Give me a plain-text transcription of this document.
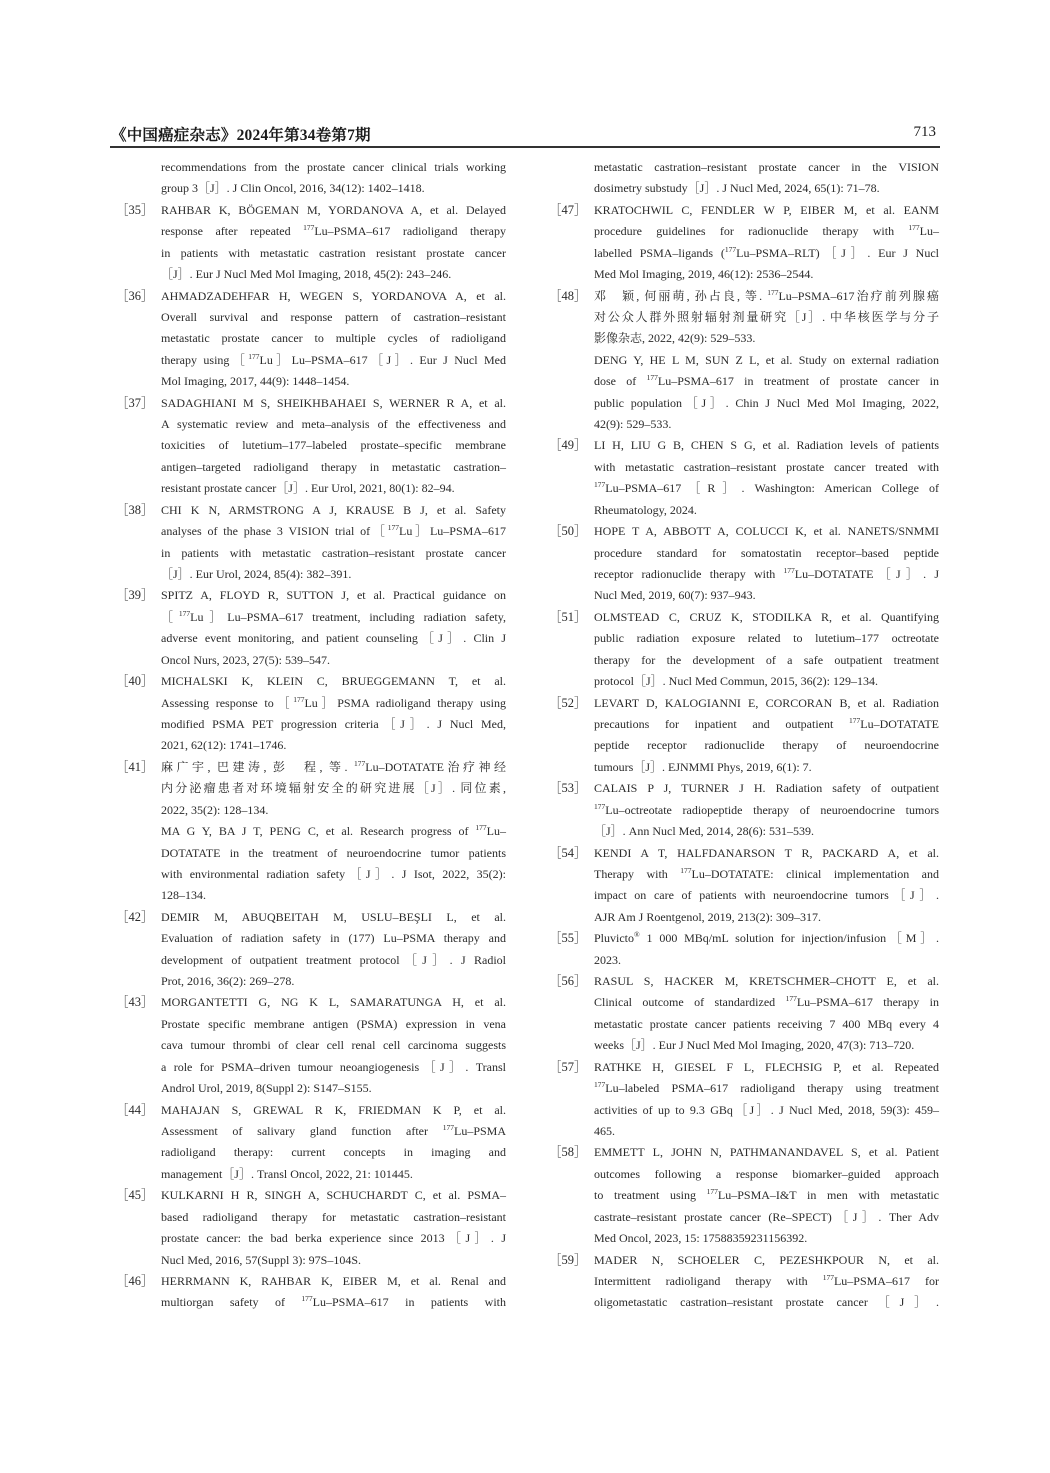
《中国癌症杂志》2024年第34卷第7期	713
recommendations from the prostate cancer clinical trials working
group 3［J］. J Clin Oncol, 2016, 34(12): 1402–1418.
［35］ RAHBAR K, BÖGEMAN M, YORDANOVA A, et al. Delayed
response after repeated $^{177}$Lu–PSMA–617 radioligand therapy
in patients with metastatic castration resistant prostate cancer
［J］. Eur J Nucl Med Mol Imaging, 2018, 45(2): 243–246.
［36］ AHMADZADEHFAR H, WEGEN S, YORDANOVA A, et al.
Overall survival and response pattern of castration–resistant
metastatic prostate cancer to multiple cycles of radioligand
therapy using［$^{177}$Lu］Lu–PSMA–617［J］. Eur J Nucl Med
Mol Imaging, 2017, 44(9): 1448–1454.
［37］ SADAGHIANI M S, SHEIKHBAHAEI S, WERNER R A, et al.
A systematic review and meta–analysis of the effectiveness and
toxicities of lutetium–177–labeled prostate–specific membrane
antigen–targeted radioligand therapy in metastatic castration–
resistant prostate cancer［J］. Eur Urol, 2021, 80(1): 82–94.
［38］ CHI K N, ARMSTRONG A J, KRAUSE B J, et al. Safety
analyses of the phase 3 VISION trial of［$^{177}$Lu］Lu–PSMA–617
in patients with metastatic castration–resistant prostate cancer
［J］. Eur Urol, 2024, 85(4): 382–391.
［39］ SPITZ A, FLOYD R, SUTTON J, et al. Practical guidance on
［$^{177}$Lu］Lu–PSMA–617 treatment, including radiation safety,
adverse event monitoring, and patient counseling［J］. Clin J
Oncol Nurs, 2023, 27(5): 539–547.
［40］ MICHALSKI K, KLEIN C, BRUEGGEMANN T, et al.
Assessing response to［$^{177}$Lu］PSMA radioligand therapy using
modified PSMA PET progression criteria［J］. J Nucl Med,
2021, 62(12): 1741–1746.
［41］ 麻广宇, 巴建涛, 彭　程, 等. $^{177}$Lu–DOTATATE治疗神经
内分泌瘤患者对环境辐射安全的研究进展［J］. 同位素,
2022, 35(2): 128–134.
MA G Y, BA J T, PENG C, et al. Research progress of $^{177}$Lu–
DOTATATE in the treatment of neuroendocrine tumor patients
with environmental radiation safety［J］. J Isot, 2022, 35(2):
128–134.
［42］ DEMIR M, ABUQBEITAH M, USLU–BEŞLI L, et al.
Evaluation of radiation safety in (177) Lu–PSMA therapy and
development of outpatient treatment protocol［J］. J Radiol
Prot, 2016, 36(2): 269–278.
［43］ MORGANTETTI G, NG K L, SAMARATUNGA H, et al.
Prostate specific membrane antigen (PSMA) expression in vena
cava tumour thrombi of clear cell renal cell carcinoma suggests
a role for PSMA–driven tumour neoangiogenesis［J］. Transl
Androl Urol, 2019, 8(Suppl 2): S147–S155.
［44］ MAHAJAN S, GREWAL R K, FRIEDMAN K P, et al.
Assessment of salivary gland function after $^{177}$Lu–PSMA
radioligand therapy: current concepts in imaging and
management［J］. Transl Oncol, 2022, 21: 101445.
［45］ KULKARNI H R, SINGH A, SCHUCHARDT C, et al. PSMA–
based radioligand therapy for metastatic castration–resistant
prostate cancer: the bad berka experience since 2013［J］. J
Nucl Med, 2016, 57(Suppl 3): 97S–104S.
［46］ HERRMANN K, RAHBAR K, EIBER M, et al. Renal and
multiorgan safety of $^{177}$Lu–PSMA–617 in patients with
metastatic castration–resistant prostate cancer in the VISION
dosimetry substudy［J］. J Nucl Med, 2024, 65(1): 71–78.
［47］ KRATOCHWIL C, FENDLER W P, EIBER M, et al. EANM
procedure guidelines for radionuclide therapy with $^{177}$Lu–
labelled PSMA–ligands ($^{177}$Lu–PSMA–RLT)［J］. Eur J Nucl
Med Mol Imaging, 2019, 46(12): 2536–2544.
［48］ 邓　颖, 何丽萌, 孙占良, 等. $^{177}$Lu–PSMA–617治疗前列腺癌
对公众人群外照射辐射剂量研究［J］. 中华核医学与分子
影像杂志, 2022, 42(9): 529–533.
DENG Y, HE L M, SUN Z L, et al. Study on external radiation
dose of $^{177}$Lu–PSMA–617 in treatment of prostate cancer in
public population［J］. Chin J Nucl Med Mol Imaging, 2022,
42(9): 529–533.
［49］ LI H, LIU G B, CHEN S G, et al. Radiation levels of patients
with metastatic castration–resistant prostate cancer treated with
$^{177}$Lu–PSMA–617［R］. Washington: American College of
Rheumatology, 2024.
［50］ HOPE T A, ABBOTT A, COLUCCI K, et al. NANETS/SNMMI
procedure standard for somatostatin receptor–based peptide
receptor radionuclide therapy with $^{177}$Lu–DOTATATE［J］. J
Nucl Med, 2019, 60(7): 937–943.
［51］ OLMSTEAD C, CRUZ K, STODILKA R, et al. Quantifying
public radiation exposure related to lutetium–177 octreotate
therapy for the development of a safe outpatient treatment
protocol［J］. Nucl Med Commun, 2015, 36(2): 129–134.
［52］ LEVART D, KALOGIANNI E, CORCORAN B, et al. Radiation
precautions for inpatient and outpatient $^{177}$Lu–DOTATATE
peptide receptor radionuclide therapy of neuroendocrine
tumours［J］. EJNMMI Phys, 2019, 6(1): 7.
［53］ CALAIS P J, TURNER J H. Radiation safety of outpatient
$^{177}$Lu–octreotate radiopeptide therapy of neuroendocrine tumors
［J］. Ann Nucl Med, 2014, 28(6): 531–539.
［54］ KENDI A T, HALFDANARSON T R, PACKARD A, et al.
Therapy with $^{177}$Lu–DOTATATE: clinical implementation and
impact on care of patients with neuroendocrine tumors［J］.
AJR Am J Roentgenol, 2019, 213(2): 309–317.
［55］ Pluvicto® 1 000 MBq/mL solution for injection/infusion［M］.
2023.
［56］ RASUL S, HACKER M, KRETSCHMER–CHOTT E, et al.
Clinical outcome of standardized $^{177}$Lu–PSMA–617 therapy in
metastatic prostate cancer patients receiving 7 400 MBq every 4
weeks［J］. Eur J Nucl Med Mol Imaging, 2020, 47(3): 713–720.
［57］ RATHKE H, GIESEL F L, FLECHSIG P, et al. Repeated
$^{177}$Lu–labeled PSMA–617 radioligand therapy using treatment
activities of up to 9.3 GBq［J］. J Nucl Med, 2018, 59(3): 459–
465.
［58］ EMMETT L, JOHN N, PATHMANANDAVEL S, et al. Patient
outcomes following a response biomarker–guided approach
to treatment using $^{177}$Lu–PSMA–I&T in men with metastatic
castrate–resistant prostate cancer (Re–SPECT)［J］. Ther Adv
Med Oncol, 2023, 15: 17588359231156392.
［59］ MADER N, SCHOELER C, PEZESHKPOUR N, et al.
Intermittent radioligand therapy with $^{177}$Lu–PSMA–617 for
oligometastatic castration–resistant prostate cancer［J］.
